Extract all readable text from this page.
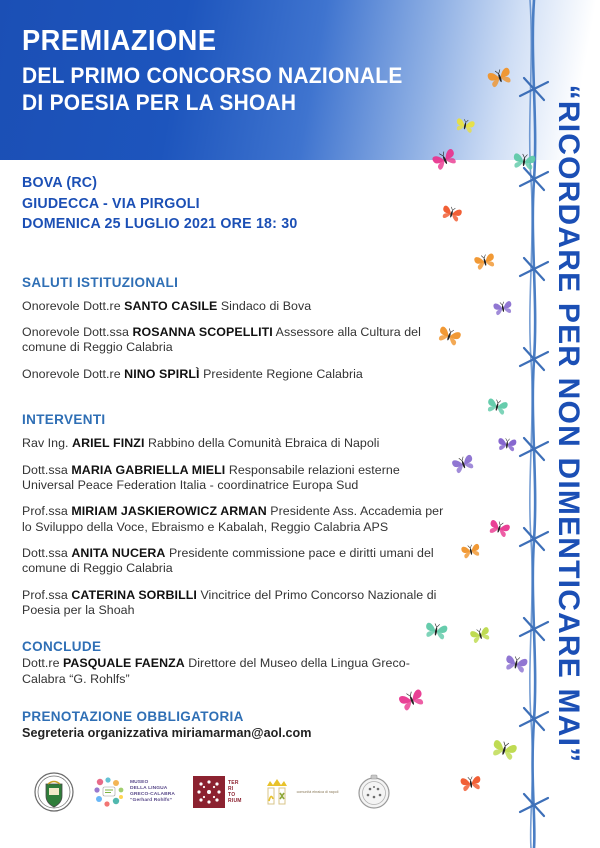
PREMIAZIONE
DEL PRIMO CONCORSO NAZIONALE
DI POESIA PER LA SHOAH	“RICORDARE PER NON DIMENTICARE MAI”
BOVA (RC)
GIUDECCA - VIA PIRGOLI
DOMENICA 25 LUGLIO 2021 ORE 18: 30
SALUTI ISTITUZIONALI
Onorevole Dott.re SANTO CASILE Sindaco di Bova
Onorevole Dott.ssa ROSANNA SCOPELLITI Assessore alla Cultura del comune di Reggio Calabria
Onorevole Dott.re NINO SPIRLÌ Presidente Regione Calabria
INTERVENTI
Rav Ing. ARIEL FINZI Rabbino della Comunità Ebraica di Napoli
Dott.ssa MARIA GABRIELLA MIELI Responsabile relazioni esterne Universal Peace Federation Italia - coordinatrice Europa Sud
Prof.ssa MIRIAM JASKIEROWICZ ARMAN Presidente Ass. Accademia per lo Sviluppo della Voce, Ebraismo e Kabalah, Reggio Calabria APS
Dott.ssa ANITA NUCERA Presidente commissione pace e diritti umani del comune di Reggio Calabria
Prof.ssa CATERINA SORBILLI Vincitrice del Primo Concorso Nazionale di Poesia per la Shoah
CONCLUDE
Dott.re PASQUALE FAENZA Direttore del Museo della Lingua Greco-Calabra “G. Rohlfs”
PRENOTAZIONE OBBLIGATORIA
Segreteria organizzativa miriamarman@aol.com
MUSEO
DELLA LINGUA
GRECO-CALABRA
“Gerhard Rohlfs”
TER
RI
TO
RIUM
comunità ebraica di napoli
